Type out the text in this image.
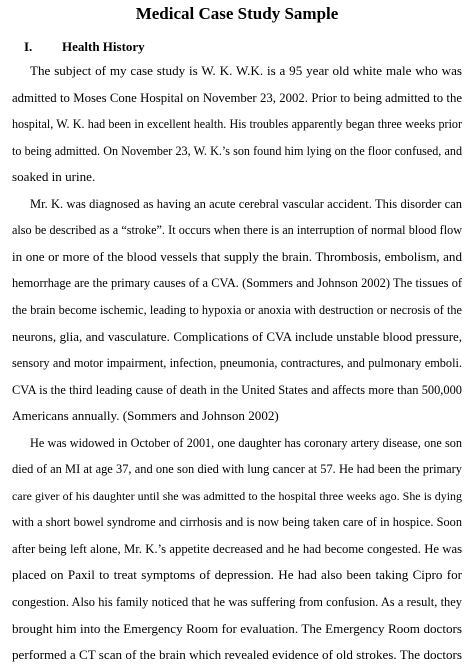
Medical Case Study Sample
I. Health History
The subject of my case study is W. K. W.K. is a 95 year old white male who was
admitted to Moses Cone Hospital on November 23, 2002. Prior to being admitted to the
hospital, W. K. had been in excellent health. His troubles apparently began three weeks prior
to being admitted. On November 23, W. K.’s son found him lying on the floor confused, and
soaked in urine.
Mr. K. was diagnosed as having an acute cerebral vascular accident. This disorder can
also be described as a “stroke”. It occurs when there is an interruption of normal blood flow
in one or more of the blood vessels that supply the brain. Thrombosis, embolism, and
hemorrhage are the primary causes of a CVA. (Sommers and Johnson 2002) The tissues of
the brain become ischemic, leading to hypoxia or anoxia with destruction or necrosis of the
neurons, glia, and vasculature. Complications of CVA include unstable blood pressure,
sensory and motor impairment, infection, pneumonia, contractures, and pulmonary emboli.
CVA is the third leading cause of death in the United States and affects more than 500,000
Americans annually. (Sommers and Johnson 2002)
He was widowed in October of 2001, one daughter has coronary artery disease, one son
died of an MI at age 37, and one son died with lung cancer at 57. He had been the primary
care giver of his daughter until she was admitted to the hospital three weeks ago. She is dying
with a short bowel syndrome and cirrhosis and is now being taken care of in hospice. Soon
after being left alone, Mr. K.’s appetite decreased and he had become congested. He was
placed on Paxil to treat symptoms of depression. He had also been taking Cipro for
congestion. Also his family noticed that he was suffering from confusion. As a result, they
brought him into the Emergency Room for evaluation. The Emergency Room doctors
performed a CT scan of the brain which revealed evidence of old strokes. The doctors
